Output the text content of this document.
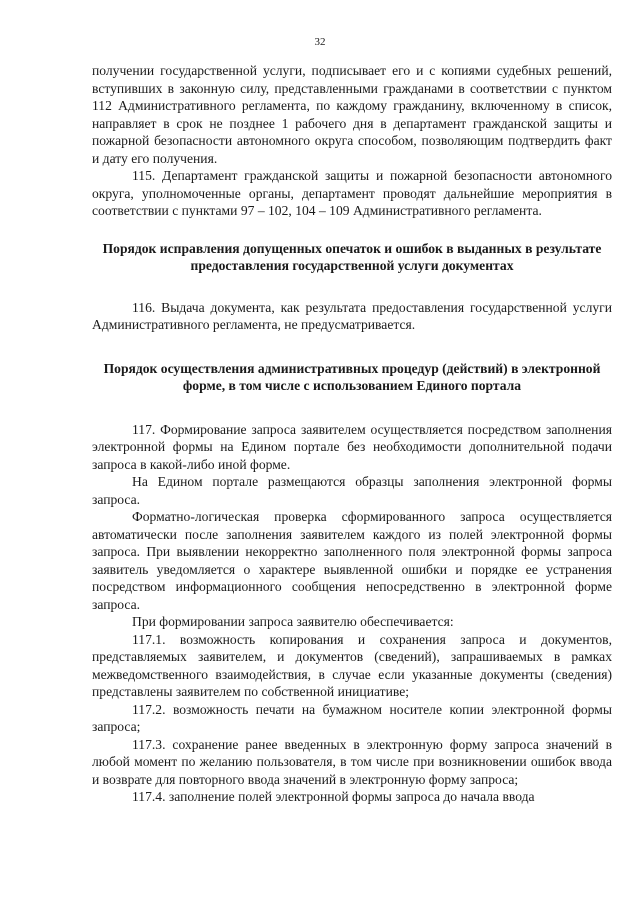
32

получении государственной услуги, подписывает его и с копиями судебных решений, вступивших в законную силу, представленными гражданами в соответствии с пунктом 112 Административного регламента, по каждому гражданину, включенному в список, направляет в срок не позднее 1 рабочего дня в департамент гражданской защиты и пожарной безопасности автономного округа способом, позволяющим подтвердить факт и дату его получения.

115. Департамент гражданской защиты и пожарной безопасности автономного округа, уполномоченные органы, департамент проводят дальнейшие мероприятия в соответствии с пунктами 97 – 102, 104 – 109 Административного регламента.

Порядок исправления допущенных опечаток и ошибок в выданных в результате предоставления государственной услуги документах

116. Выдача документа, как результата предоставления государственной услуги Административного регламента, не предусматривается.

Порядок осуществления административных процедур (действий) в электронной форме, в том числе с использованием Единого портала

117. Формирование запроса заявителем осуществляется посредством заполнения электронной формы на Едином портале без необходимости дополнительной подачи запроса в какой-либо иной форме.

На Едином портале размещаются образцы заполнения электронной формы запроса.

Форматно-логическая проверка сформированного запроса осуществляется автоматически после заполнения заявителем каждого из полей электронной формы запроса. При выявлении некорректно заполненного поля электронной формы запроса заявитель уведомляется о характере выявленной ошибки и порядке ее устранения посредством информационного сообщения непосредственно в электронной форме запроса.

При формировании запроса заявителю обеспечивается:

117.1. возможность копирования и сохранения запроса и документов, представляемых заявителем, и документов (сведений), запрашиваемых в рамках межведомственного взаимодействия, в случае если указанные документы (сведения) представлены заявителем по собственной инициативе;

117.2. возможность печати на бумажном носителе копии электронной формы запроса;

117.3. сохранение ранее введенных в электронную форму запроса значений в любой момент по желанию пользователя, в том числе при возникновении ошибок ввода и возврате для повторного ввода значений в электронную форму запроса;

117.4. заполнение полей электронной формы запроса до начала ввода
